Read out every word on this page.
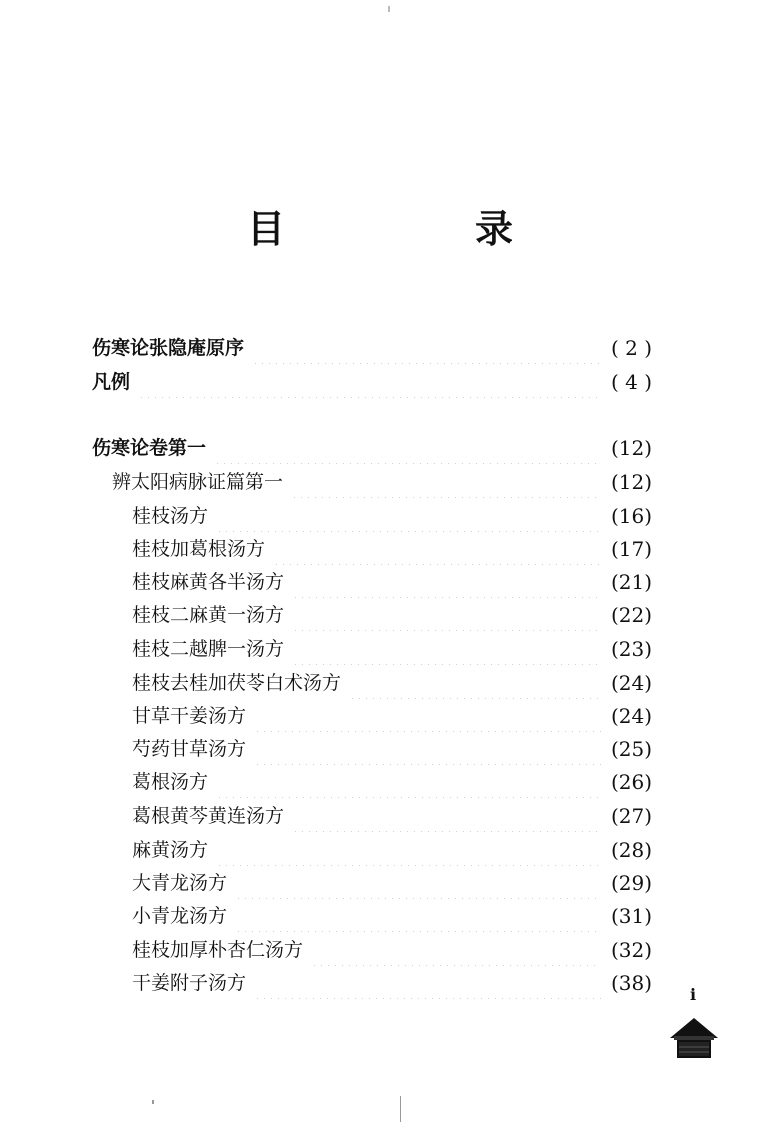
目　录
伤寒论张隐庵原序	( 2 )
凡例	( 4 )
伤寒论卷第一	(12)
辨太阳病脉证篇第一	(12)
桂枝汤方	(16)
桂枝加葛根汤方	(17)
桂枝麻黄各半汤方	(21)
桂枝二麻黄一汤方	(22)
桂枝二越脾一汤方	(23)
桂枝去桂加茯苓白术汤方	(24)
甘草干姜汤方	(24)
芍药甘草汤方	(25)
葛根汤方	(26)
葛根黄芩黄连汤方	(27)
麻黄汤方	(28)
大青龙汤方	(29)
小青龙汤方	(31)
桂枝加厚朴杏仁汤方	(32)
干姜附子汤方	(38) i
